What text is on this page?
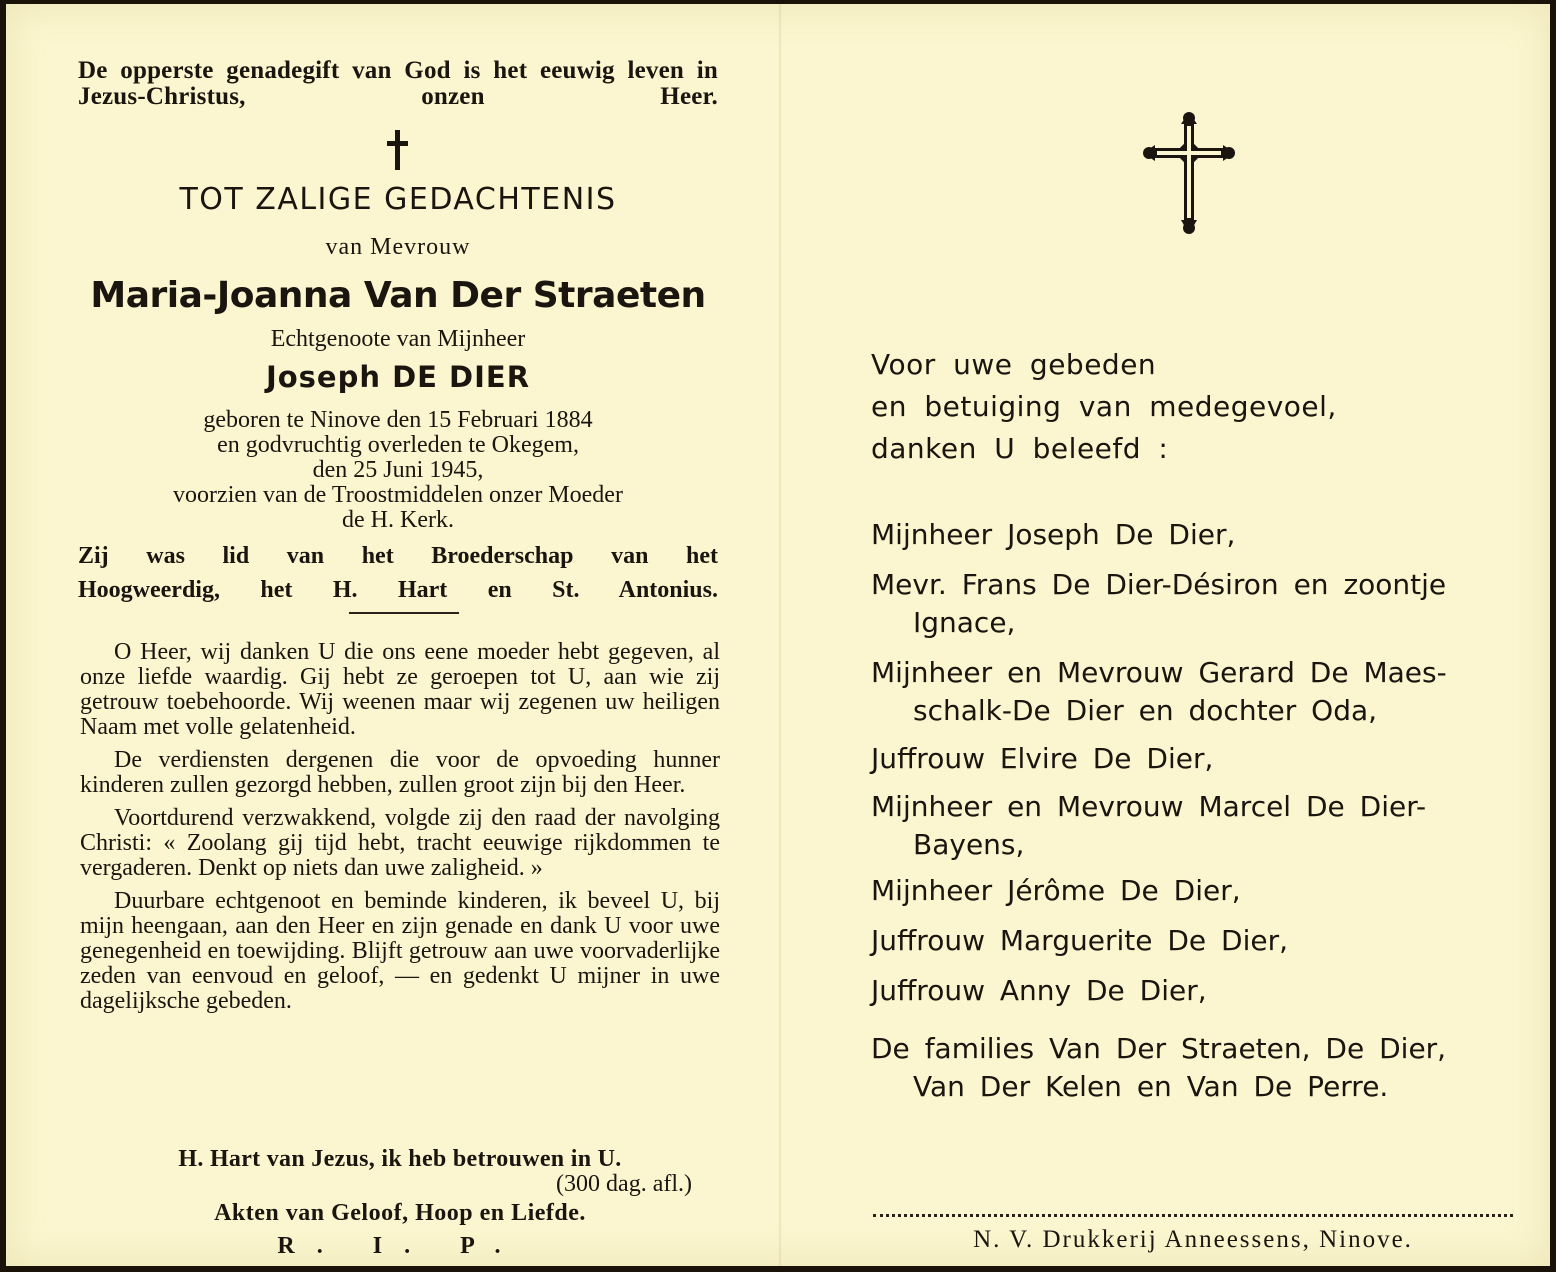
De opperste genadegift van God is het eeuwig leven in Jezus-Christus, onzen Heer.
TOT ZALIGE GEDACHTENIS
van Mevrouw
Maria-Joanna Van Der Straeten
Echtgenoote van Mijnheer
Joseph DE DIER
geboren te Ninove den 15 Februari 1884
en godvruchtig overleden te Okegem,
den 25 Juni 1945,
voorzien van de Troostmiddelen onzer Moeder
de H. Kerk.
Zij was lid van het Broederschap van het
Hoogweerdig, het H. Hart en St. Antonius.

O Heer, wij danken U die ons eene moeder hebt gegeven, al onze liefde waardig. Gij hebt ze geroepen tot U, aan wie zij getrouw toebehoorde. Wij weenen maar wij zegenen uw heiligen Naam met volle gelatenheid.

De verdiensten dergenen die voor de opvoeding hunner kinderen zullen gezorgd hebben, zullen groot zijn bij den Heer.

Voortdurend verzwakkend, volgde zij den raad der navolging Christi: « Zoolang gij tijd hebt, tracht eeuwige rijkdommen te vergaderen. Denkt op niets dan uwe zaligheid. »

Duurbare echtgenoot en beminde kinderen, ik beveel U, bij mijn heengaan, aan den Heer en zijn genade en dank U voor uwe genegenheid en toewijding. Blijft getrouw aan uwe voorvaderlijke zeden van eenvoud en geloof, — en gedenkt U mijner in uwe dagelijksche gebeden.

H. Hart van Jezus, ik heb betrouwen in U.
(300 dag. afl.)
Akten van Geloof, Hoop en Liefde.
R. I. P.
Voor uwe gebeden
en betuiging van medegevoel,
danken U beleefd :
Mijnheer Joseph De Dier,
Mevr. Frans De Dier-Désiron en zoontje
Ignace,
Mijnheer en Mevrouw Gerard De Maes-
schalk-De Dier en dochter Oda,
Juffrouw Elvire De Dier,
Mijnheer en Mevrouw Marcel De Dier-
Bayens,
Mijnheer Jérôme De Dier,
Juffrouw Marguerite De Dier,
Juffrouw Anny De Dier,
De families Van Der Straeten, De Dier,
Van Der Kelen en Van De Perre.
N. V. Drukkerij Anneessens, Ninove.
